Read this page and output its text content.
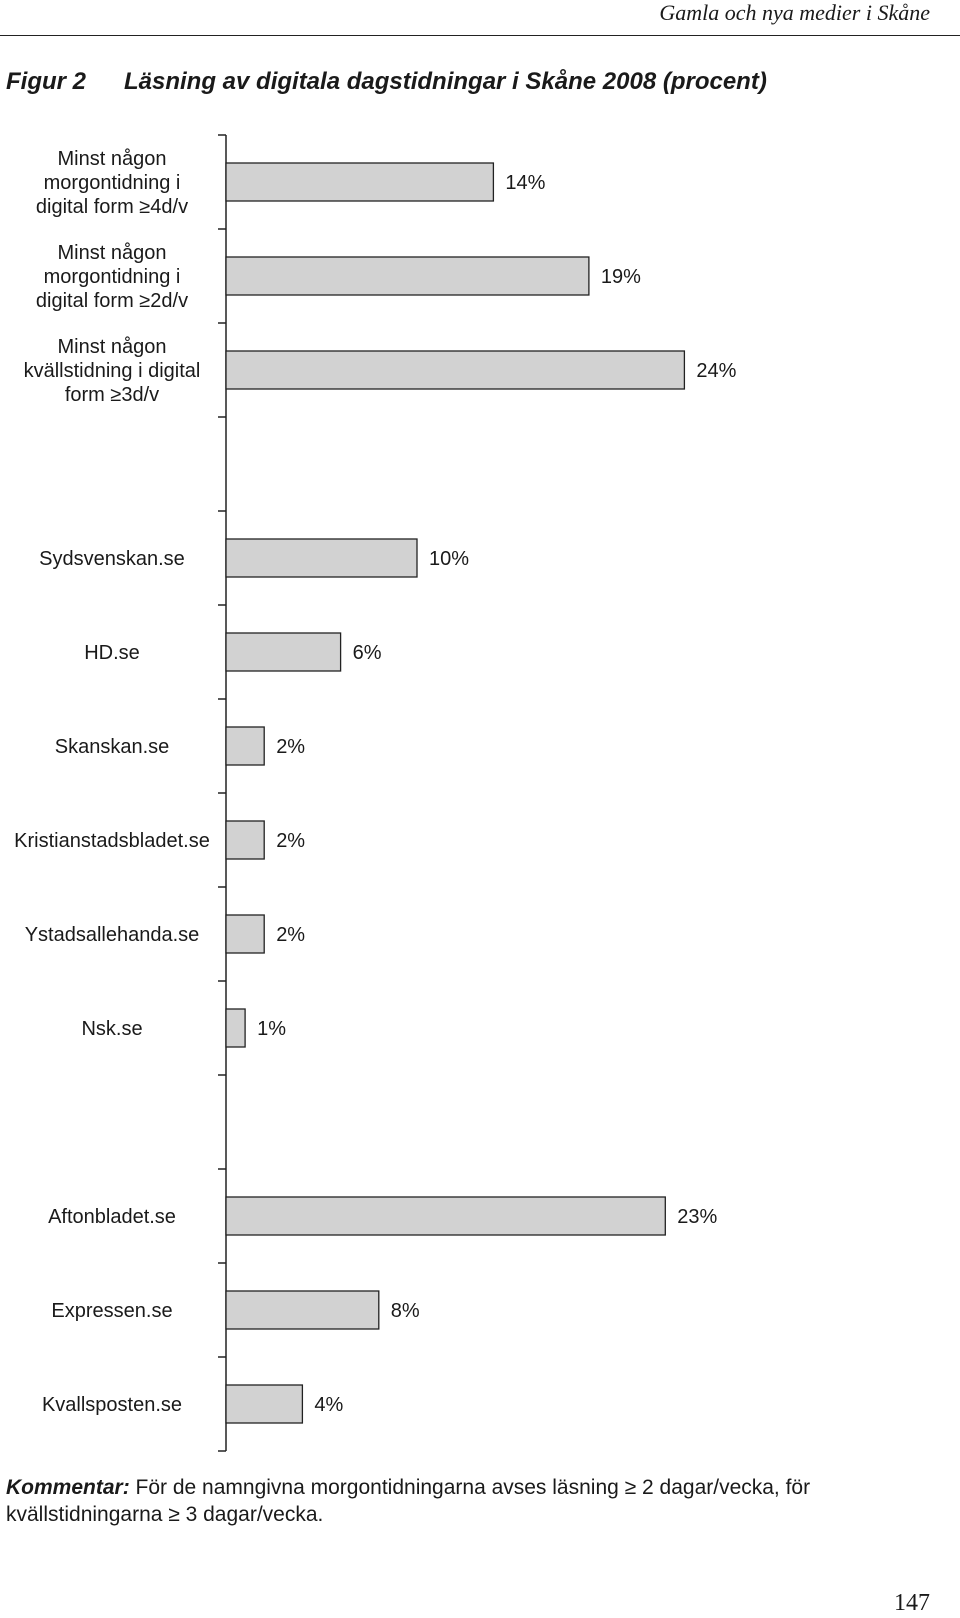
Gamla och nya medier i Skåne
Figur 2 Läsning av digitala dagstidningar i Skåne 2008 (procent)
14%
Minst någon morgontidning i digital form ≥4d/v
19%
Minst någon morgontidning i digital form ≥2d/v
24%
Minst någon kvällstidning i digital form ≥3d/v
10%
Sydsvenskan.se
6%
HD.se
2%
Skanskan.se
2%
Kristianstadsbladet.se
2%
Ystadsallehanda.se
1%
Nsk.se
23%
Aftonbladet.se
8%
Expressen.se
4%
Kvallsposten.se
Kommentar: För de namngivna morgontidningarna avses läsning ≥ 2 dagar/vecka, för kvällstidningarna ≥ 3 dagar/vecka.
147
